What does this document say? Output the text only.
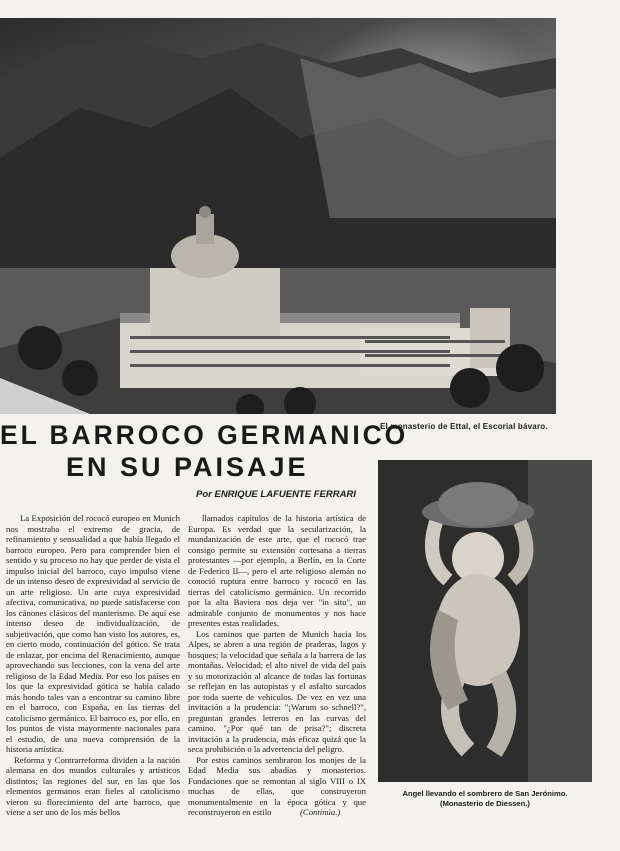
El monasterio de Ettal, el Escorial bávaro.
EL BARROCO GERMANICO
EN SU PAISAJE
Por ENRIQUE LAFUENTE FERRARI

La Exposición del rococó europeo en Munich nos mostraba el extremo de gracia, de refinamiento y sensualidad a que había llegado el barroco europeo. Pero para comprender bien el sentido y su proceso no hay que perder de vista el impulso inicial del barroco, cuyo impulso viene de un intenso deseo de expresividad al servicio de un arte religioso. Un arte cuya expresividad afectiva, comunicativa, no puede satisfacerse con los cánones clásicos del manierismo. De aquí ese intenso deseo de individualización, de subjetivación, que como han visto los autores, es, en cierto modo, continuación del gótico. Se trata de enlazar, por encima del Renacimiento, aunque aprovechando sus lecciones, con la vena del arte religioso de la Edad Media. Por eso los países en los que la expresividad gótica se había calado más hondo tales van a encontrar su camino libre en el barroco, con España, en las tierras del catolicismo germánico. El barroco es, por ello, en los puntos de vista mayormente nacionales para el estudio, de una nueva comprensión de la historia artística.

Reforma y Contrarreforma dividen a la nación alemana en dos mundos culturales y artísticos distintos; las regiones del sur, en las que los elementos germanos eran fieles al catolicismo vieron su florecimiento del arte barroco, que viene a ser uno de los más bellos

llamados capítulos de la historia artística de Europa. Es verdad que la secularización, la mundanización de este arte, que el rococó trae consigo permite su extensión cortesana a tierras protestantes —por ejemplo, a Berlín, en la Corte de Federico II—, pero el arte religioso alemán no conoció ruptura entre barroco y rococó en las tierras del catolicismo germánico. Un recorrido por la alta Baviera nos deja ver "in situ", un admirable conjunto de monumentos y nos hace presentes estas realidades.

Los caminos que parten de Munich hacia los Alpes, se abren a una región de praderas, lagos y bosques; la velocidad que señala a la barrera de las montañas. Velocidad; el alto nivel de vida del país y su motorización al alcance de todas las fortunas se reflejan en las autopistas y el asfalto surcados por toda suerte de vehículos. De vez en vez una invitación a la prudencia: "¡Warum so schnell?", preguntan grandes letreros en las curvas del camino. "¿Por qué tan de prisa?"; discreta invitación a la prudencia, más eficaz quizá que la seca prohibición o la advertencia del peligro.

Por estos caminos sembraron los monjes de la Edad Media sus abadías y monasterios. Fundaciones que se remontan al siglo VIII o IX muchas de ellas, que construyeron monumentalmente en la época gótica y que reconstruyeron en estilo	(Continúa.)
Angel llevando el sombrero de San Jerónimo.
(Monasterio de Diessen.)
